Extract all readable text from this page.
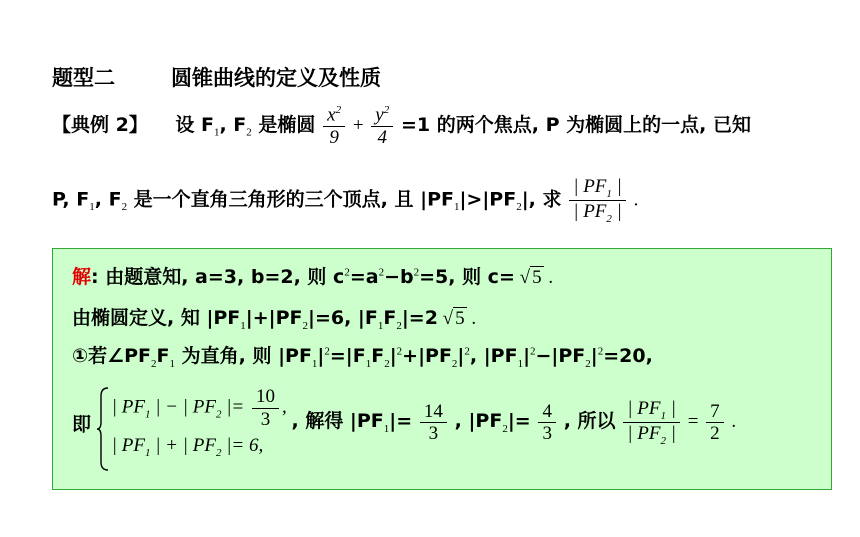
题型二	圆锥曲线的定义及性质
【典例 2】 设 $F_1$, $F_2$ 是椭圆 $\frac{x^2}{9} + \frac{y^2}{4} =1$ 的两个焦点, P 为椭圆上的一点, 已知
P, $F_1$, $F_2$ 是一个直角三角形的三个顶点, 且 $|PF_1|>|PF_2|$, 求 $\frac{| PF_1 |}{| PF_2 |}$ .
解: 由题意知, a=3, b=2, 则 $c^2=a^2-b^2=5$, 则 c= √ 5 .
由椭圆定义, 知 $|PF_1|+|PF_2|=6$, $|F_1F_2|=2$ √ 5 .
①若$\angle PF_2F_1$ 为直角, 则 $|PF_1|^2=|F_1F_2|^2+|PF_2|^2$, $|PF_1|^2-|PF_2|^2=20$,
即
| $PF_1$ | − | $PF_2$ |= $\frac{10}{3}$ ,
| $PF_1$ | + | $PF_2$ |= 6,
, 解得 $|PF_1|= \frac{14}{3}$ , $|PF_2|= \frac{4}{3}$ , 所以 $\frac{| PF_1 |}{| PF_2 |} = \frac{7}{2}$ .
